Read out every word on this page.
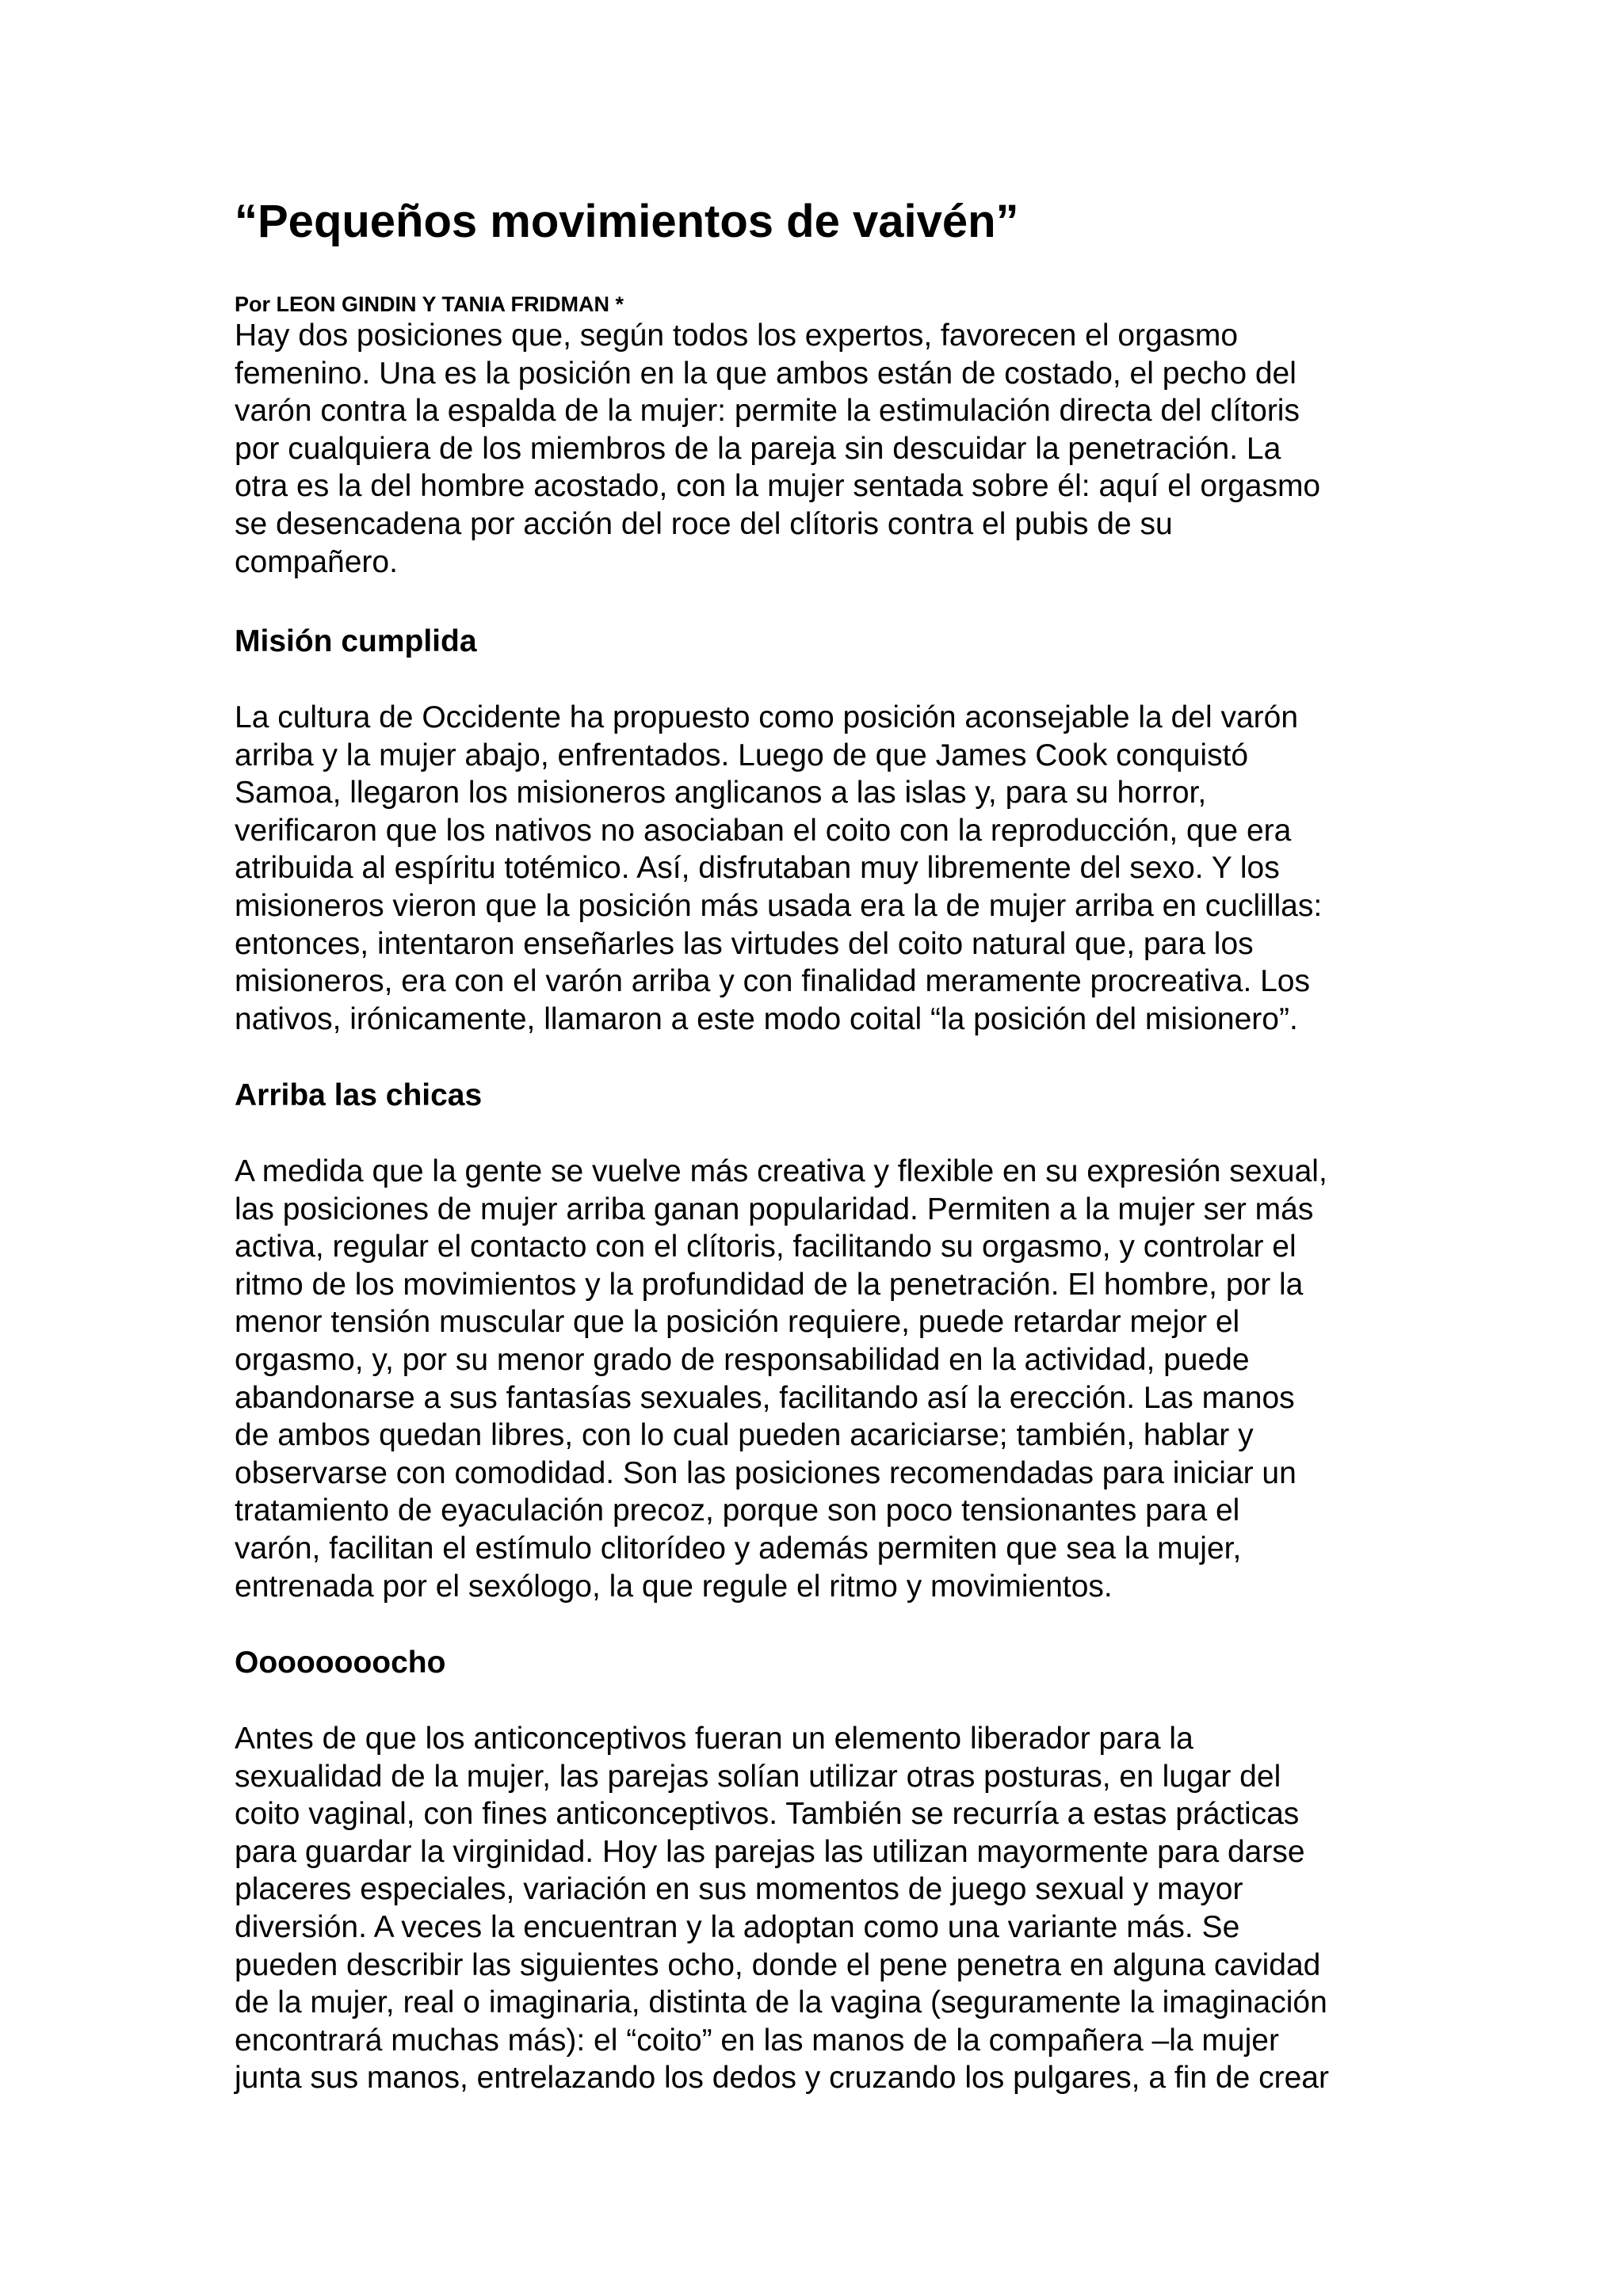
“Pequeños movimientos de vaivén”

Por LEON GINDIN Y TANIA FRIDMAN *

Hay dos posiciones que, según todos los expertos, favorecen el orgasmo
femenino. Una es la posición en la que ambos están de costado, el pecho del
varón contra la espalda de la mujer: permite la estimulación directa del clítoris
por cualquiera de los miembros de la pareja sin descuidar la penetración. La
otra es la del hombre acostado, con la mujer sentada sobre él: aquí el orgasmo
se desencadena por acción del roce del clítoris contra el pubis de su
compañero.
Misión cumplida
La cultura de Occidente ha propuesto como posición aconsejable la del varón
arriba y la mujer abajo, enfrentados. Luego de que James Cook conquistó
Samoa, llegaron los misioneros anglicanos a las islas y, para su horror,
verificaron que los nativos no asociaban el coito con la reproducción, que era
atribuida al espíritu totémico. Así, disfrutaban muy libremente del sexo. Y los
misioneros vieron que la posición más usada era la de mujer arriba en cuclillas:
entonces, intentaron enseñarles las virtudes del coito natural que, para los
misioneros, era con el varón arriba y con finalidad meramente procreativa. Los
nativos, irónicamente, llamaron a este modo coital “la posición del misionero”.
Arriba las chicas
A medida que la gente se vuelve más creativa y flexible en su expresión sexual,
las posiciones de mujer arriba ganan popularidad. Permiten a la mujer ser más
activa, regular el contacto con el clítoris, facilitando su orgasmo, y controlar el
ritmo de los movimientos y la profundidad de la penetración. El hombre, por la
menor tensión muscular que la posición requiere, puede retardar mejor el
orgasmo, y, por su menor grado de responsabilidad en la actividad, puede
abandonarse a sus fantasías sexuales, facilitando así la erección. Las manos
de ambos quedan libres, con lo cual pueden acariciarse; también, hablar y
observarse con comodidad. Son las posiciones recomendadas para iniciar un
tratamiento de eyaculación precoz, porque son poco tensionantes para el
varón, facilitan el estímulo clitorídeo y además permiten que sea la mujer,
entrenada por el sexólogo, la que regule el ritmo y movimientos.
Oooooooocho
Antes de que los anticonceptivos fueran un elemento liberador para la
sexualidad de la mujer, las parejas solían utilizar otras posturas, en lugar del
coito vaginal, con fines anticonceptivos. También se recurría a estas prácticas
para guardar la virginidad. Hoy las parejas las utilizan mayormente para darse
placeres especiales, variación en sus momentos de juego sexual y mayor
diversión. A veces la encuentran y la adoptan como una variante más. Se
pueden describir las siguientes ocho, donde el pene penetra en alguna cavidad
de la mujer, real o imaginaria, distinta de la vagina (seguramente la imaginación
encontrará muchas más): el “coito” en las manos de la compañera –la mujer
junta sus manos, entrelazando los dedos y cruzando los pulgares, a fin de crear
